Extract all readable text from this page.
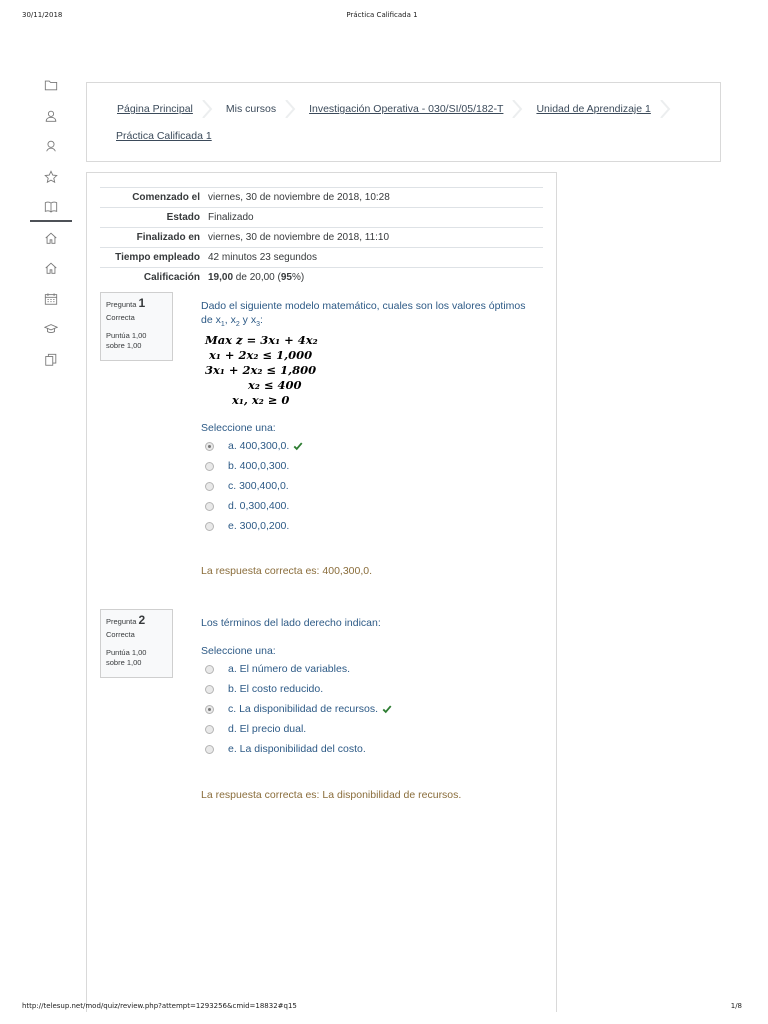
30/11/2018	Práctica Calificada 1
Página Principal	Mis cursos	Investigación Operativa - 030/SI/05/182-T	Unidad de Aprendizaje 1
Práctica Calificada 1
Comenzado el viernes, 30 de noviembre de 2018, 10:28
Estado Finalizado
Finalizado en viernes, 30 de noviembre de 2018, 11:10
Tiempo empleado 42 minutos 23 segundos
Calificación 19,00 de 20,00 (95%)
Pregunta 1
Correcta
Puntúa 1,00 sobre 1,00
Dado el siguiente modelo matemático, cuales son los valores óptimos de $x_1$, $x_2$ y $x_3$:
Max z = 3x₁ + 4x₂
x₁ + 2x₂ ≤ 1,000
3x₁ + 2x₂ ≤ 1,800
x₂ ≤ 400
x₁, x₂ ≥ 0
Seleccione una:
a. 400,300,0.
b. 400,0,300.
c. 300,400,0.
d. 0,300,400.
e. 300,0,200.
La respuesta correcta es: 400,300,0.
Pregunta 2
Correcta
Puntúa 1,00 sobre 1,00
Los términos del lado derecho indican:
Seleccione una:
a. El número de variables.
b. El costo reducido.
c. La disponibilidad de recursos.
d. El precio dual.
e. La disponibilidad del costo.
La respuesta correcta es: La disponibilidad de recursos.
http://telesup.net/mod/quiz/review.php?attempt=1293256&cmid=18832#q15	1/8
